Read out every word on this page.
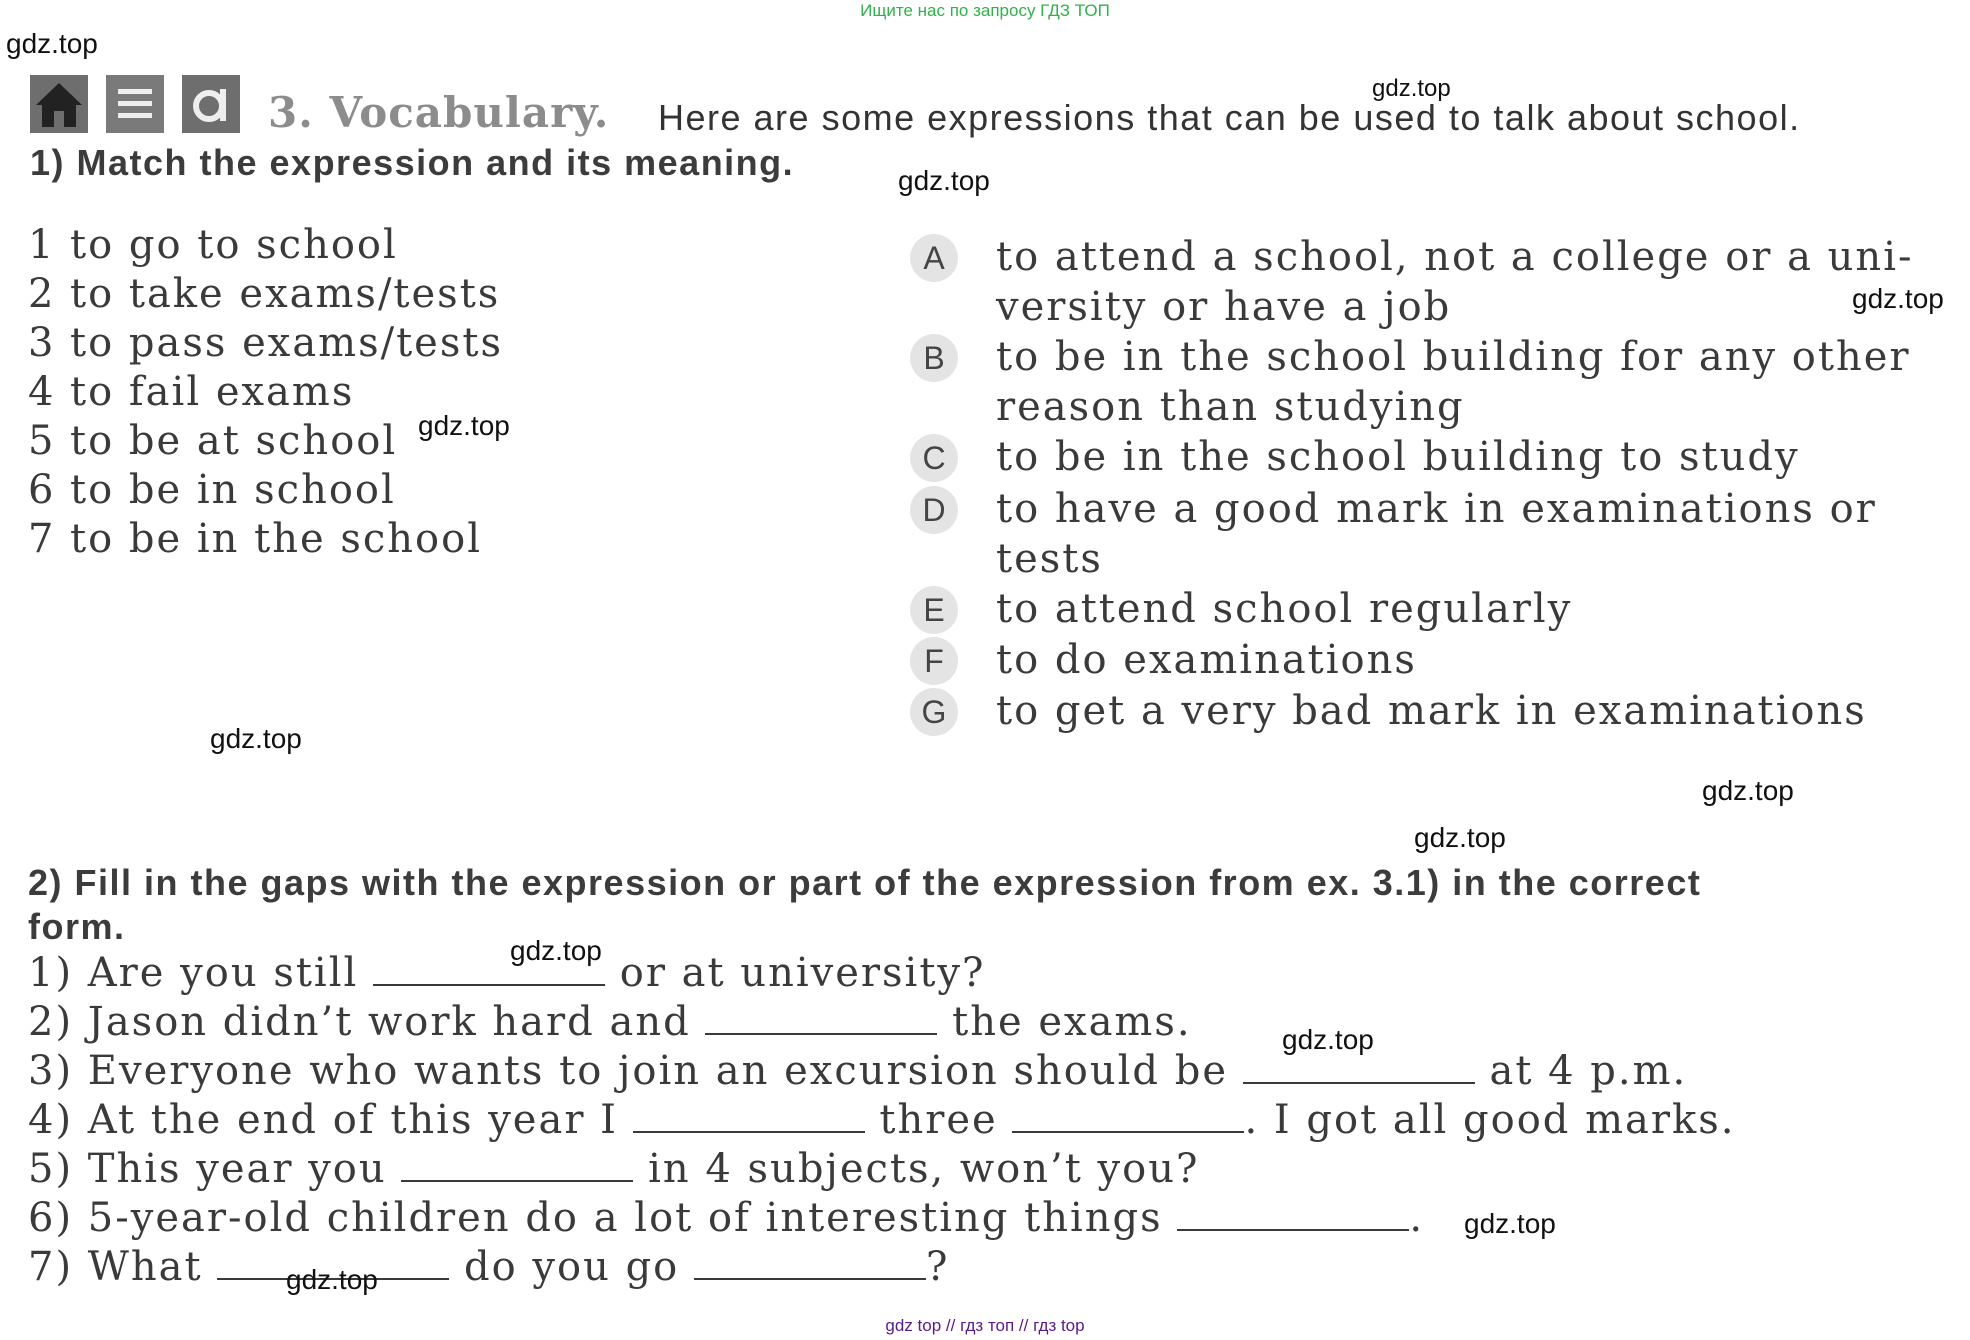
Ищите нас по запросу ГДЗ ТОП
3. Vocabulary. Here are some expressions that can be used to talk about school.
1) Match the expression and its meaning.
1 to go to school
2 to take exams/tests
3 to pass exams/tests
4 to fail exams
5 to be at school
6 to be in school
7 to be in the school
A	to attend a school, not a college or a uni-
versity or have a job
B	to be in the school building for any other
reason than studying
C	to be in the school building to study
D	to have a good mark in examinations or
tests
E	to attend school regularly
F	to do examinations
G to get a very bad mark in examinations
2) Fill in the gaps with the expression or part of the expression from ex. 3.1) in the correct
form.
1) Are you still	or at university?
2) Jason didn’t work hard and	the exams.
3) Everyone who wants to join an excursion should be	at 4 p.m.
4) At the end of this year I	three	. I got all good marks.
5) This year you	in 4 subjects, won’t you?
6) 5-year-old children do a lot of interesting things	.
7) What	do you go	?
gdz.top
gdz.top
gdz.top
gdz.top
gdz.top
gdz.top
gdz.top
gdz.top
gdz.top
gdz.top
gdz.top
gdz.top
gdz top // гдз топ // гдз top
